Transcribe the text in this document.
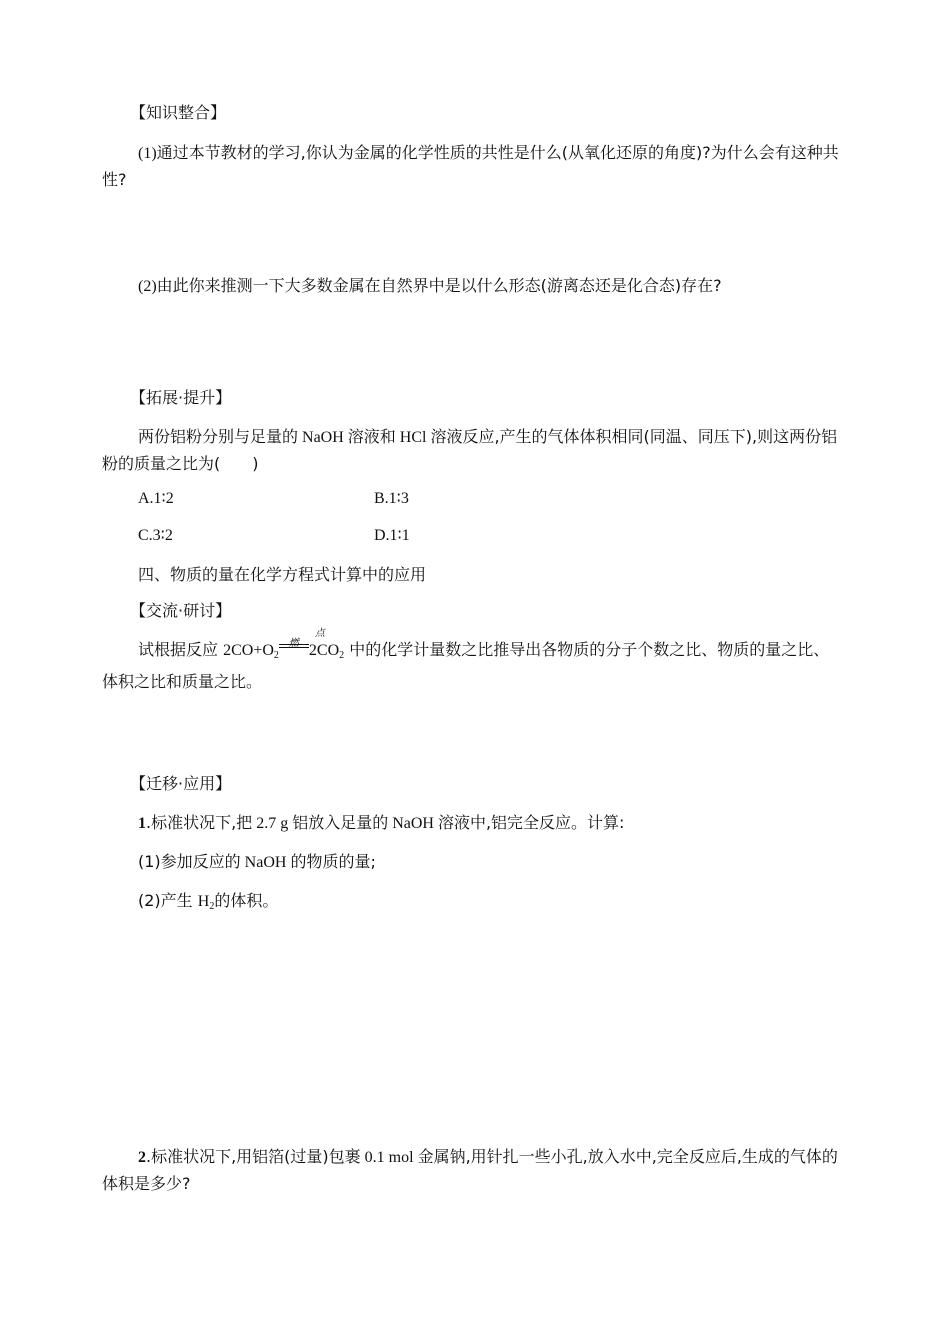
【知识整合】
(1)通过本节教材的学习,你认为金属的化学性质的共性是什么(从氧化还原的角度)?为什么会有这种共性?
(2)由此你来推测一下大多数金属在自然界中是以什么形态(游离态还是化合态)存在?
【拓展·提升】
两份铝粉分别与足量的 NaOH 溶液和 HCl 溶液反应,产生的气体体积相同(同温、同压下),则这两份铝粉的质量之比为(　　)
A.1∶2	B.1∶3
C.3∶2	D.1∶1
四、物质的量在化学方程式计算中的应用
【交流·研讨】
试根据反应 $2CO+O_2$
点燃 $2CO_2$ 中的化学计量数之比推导出各物质的分子个数之比、物质的量之比、体积之比和质量之比。
【迁移·应用】
1.标准状况下,把 2.7 g 铝放入足量的 NaOH 溶液中,铝完全反应。计算:
(1)参加反应的 NaOH 的物质的量;
(2)产生 $H_2$的体积。
2.标准状况下,用铝箔(过量)包裹 0.1 mol 金属钠,用针扎一些小孔,放入水中,完全反应后,生成的气体的体积是多少?
